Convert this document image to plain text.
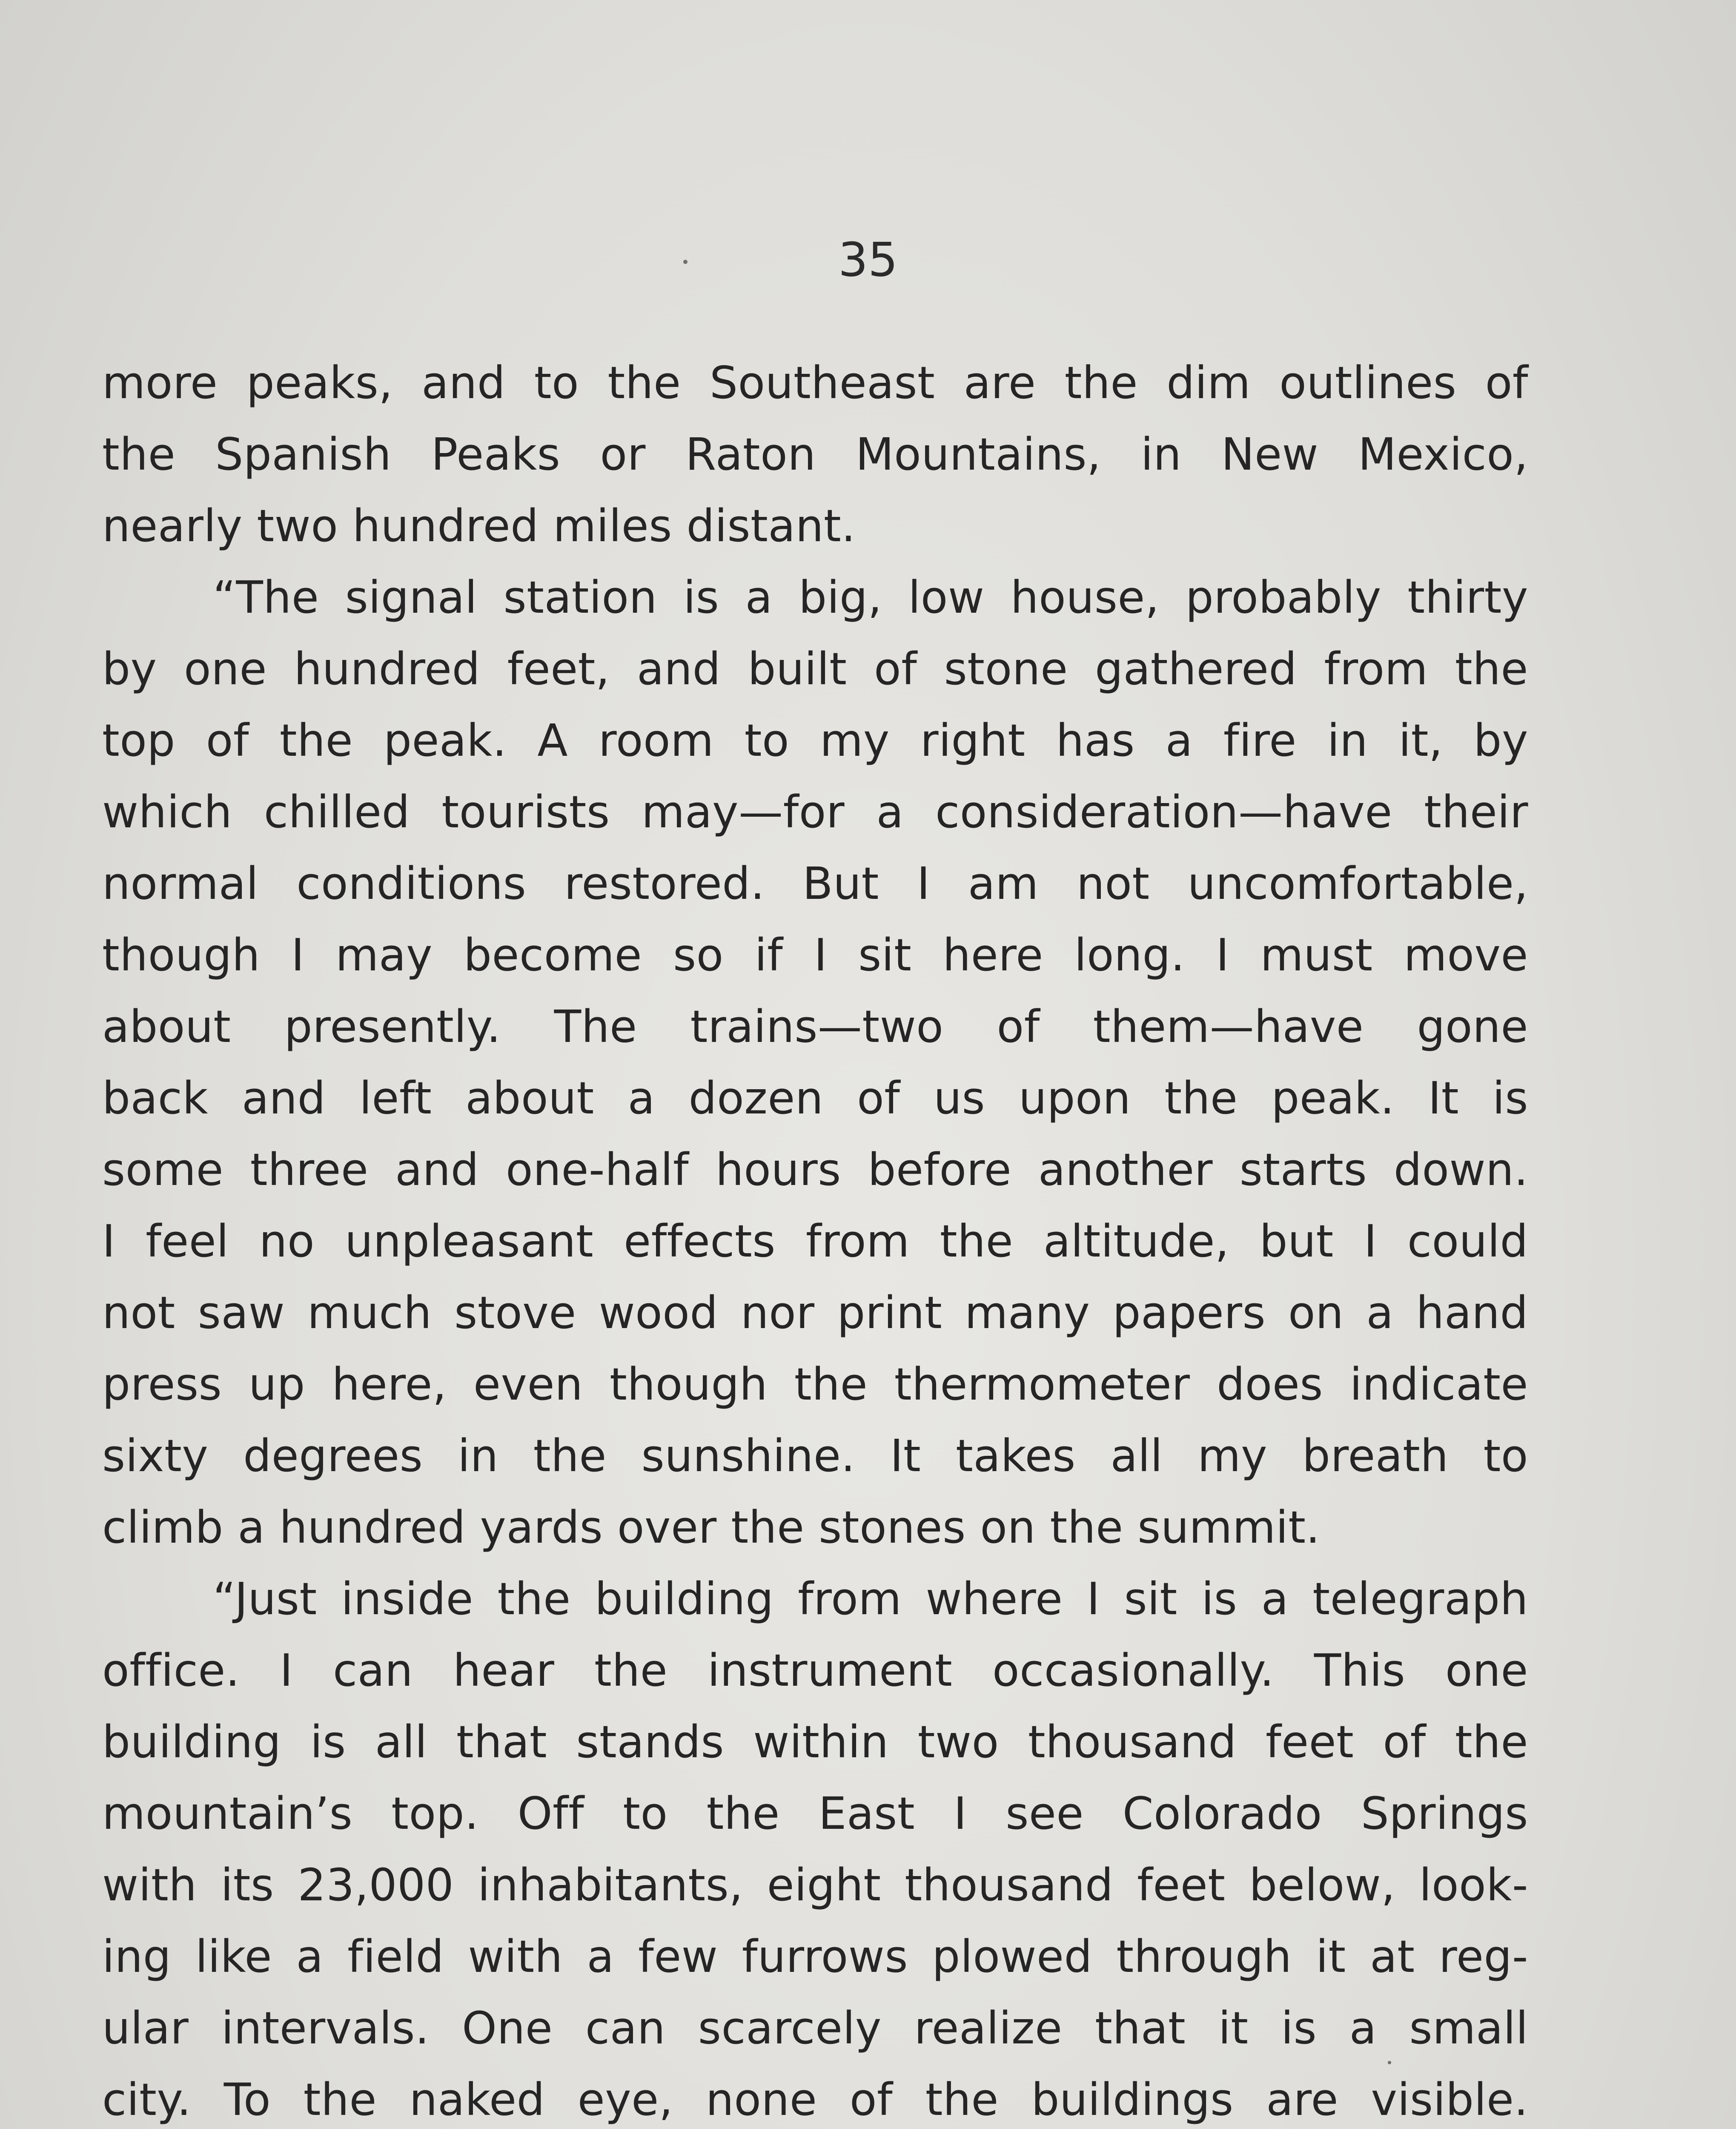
35
more peaks, and to the Southeast are the dim outlines of
the Spanish Peaks or Raton Mountains, in New Mexico,
nearly two hundred miles distant.
“The signal station is a big, low house, probably thirty
by one hundred feet, and built of stone gathered from the
top of the peak. A room to my right has a fire in it, by
which chilled tourists may—for a consideration—have their
normal conditions restored. But I am not uncomfortable,
though I may become so if I sit here long. I must move
about presently. The trains—two of them—have gone
back and left about a dozen of us upon the peak. It is
some three and one-half hours before another starts down.
I feel no unpleasant effects from the altitude, but I could
not saw much stove wood nor print many papers on a hand
press up here, even though the thermometer does indicate
sixty degrees in the sunshine. It takes all my breath to
climb a hundred yards over the stones on the summit.
“Just inside the building from where I sit is a telegraph
office. I can hear the instrument occasionally. This one
building is all that stands within two thousand feet of the
mountain’s top. Off to the East I see Colorado Springs
with its 23,000 inhabitants, eight thousand feet below, look-
ing like a field with a few furrows plowed through it at reg-
ular intervals. One can scarcely realize that it is a small
city. To the naked eye, none of the buildings are visible.
